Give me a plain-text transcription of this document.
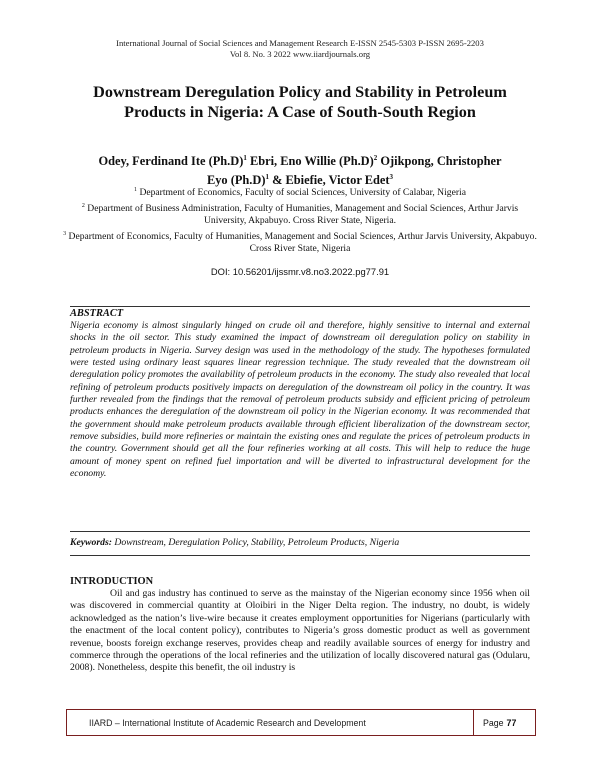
International Journal of Social Sciences and Management Research E-ISSN 2545-5303 P-ISSN 2695-2203
Vol 8. No. 3 2022 www.iiardjournals.org
Downstream Deregulation Policy and Stability in Petroleum
Products in Nigeria: A Case of South-South Region
Odey, Ferdinand Ite $(Ph.D)^1$ Ebri, Eno Willie $(Ph.D)^2$ Ojikpong, Christopher
Eyo $(Ph.D)^1$ & Ebiefie, Victor Edet$^3$
$^1$ Department of Economics, Faculty of social Sciences, University of Calabar, Nigeria
$^2$ Department of Business Administration, Faculty of Humanities, Management and Social Sciences, Arthur Jarvis University, Akpabuyo. Cross River State, Nigeria.
$^3$ Department of Economics, Faculty of Humanities, Management and Social Sciences, Arthur Jarvis University, Akpabuyo. Cross River State, Nigeria
DOI: 10.56201/ijssmr.v8.no3.2022.pg77.91
ABSTRACT
Nigeria economy is almost singularly hinged on crude oil and therefore, highly sensitive to internal and external shocks in the oil sector. This study examined the impact of downstream oil deregulation policy on stability in petroleum products in Nigeria. Survey design was used in the methodology of the study. The hypotheses formulated were tested using ordinary least squares linear regression technique. The study revealed that the downstream oil deregulation policy promotes the availability of petroleum products in the economy. The study also revealed that local refining of petroleum products positively impacts on deregulation of the downstream oil policy in the country. It was further revealed from the findings that the removal of petroleum products subsidy and efficient pricing of petroleum products enhances the deregulation of the downstream oil policy in the Nigerian economy. It was recommended that the government should make petroleum products available through efficient liberalization of the downstream sector, remove subsidies, build more refineries or maintain the existing ones and regulate the prices of petroleum products in the country. Government should get all the four refineries working at all costs. This will help to reduce the huge amount of money spent on refined fuel importation and will be diverted to infrastructural development for the economy.
Keywords: Downstream, Deregulation Policy, Stability, Petroleum Products, Nigeria
INTRODUCTION
Oil and gas industry has continued to serve as the mainstay of the Nigerian economy since 1956 when oil was discovered in commercial quantity at Oloibiri in the Niger Delta region. The industry, no doubt, is widely acknowledged as the nation’s live-wire because it creates employment opportunities for Nigerians (particularly with the enactment of the local content policy), contributes to Nigeria’s gross domestic product as well as government revenue, boosts foreign exchange reserves, provides cheap and readily available sources of energy for industry and commerce through the operations of the local refineries and the utilization of locally discovered natural gas (Odularu, 2008). Nonetheless, despite this benefit, the oil industry is
IIARD – International Institute of Academic Research and Development	Page 77
